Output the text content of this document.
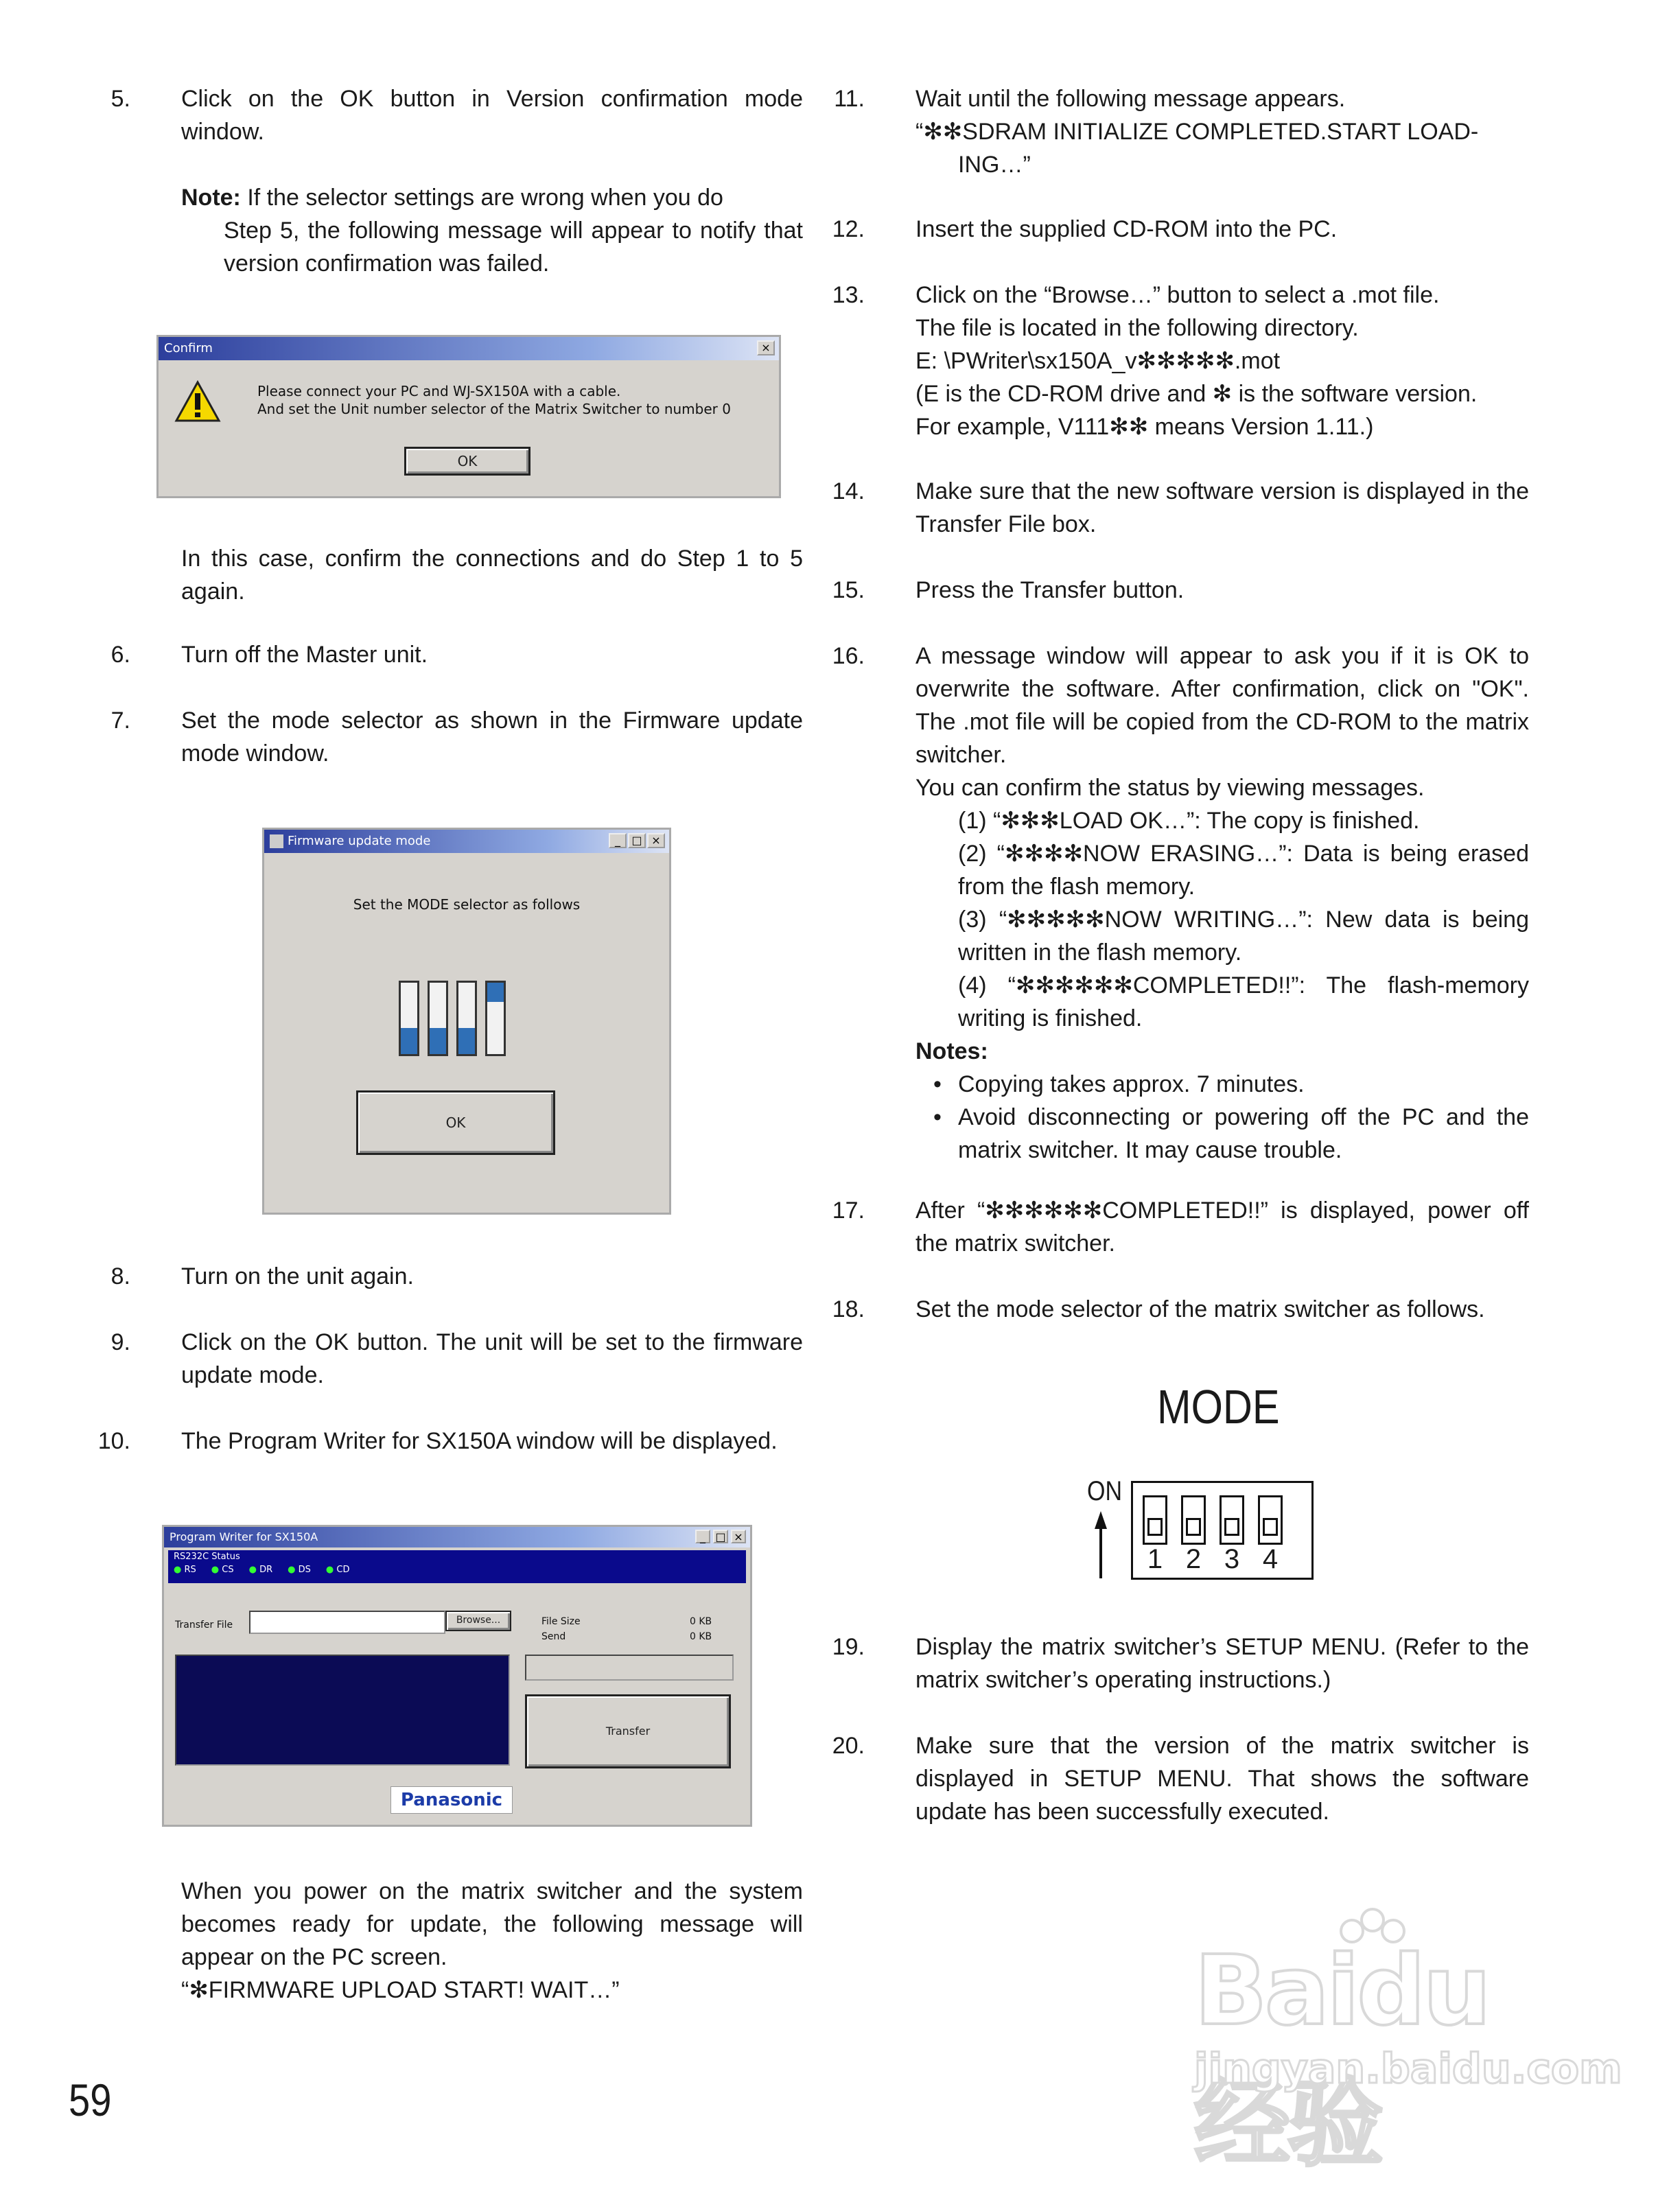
5.	Click on the OK button in Version confirmation mode window.

Note: If the selector settings are wrong when you do

Step 5, the following message will appear to notify that version confirmation was failed.

In this case, confirm the connections and do Step 1 to 5 again.

6.	Turn off the Master unit.

7.	Set the mode selector as shown in the Firmware update mode window.

8.	Turn on the unit again.

9.	Click on the OK button. The unit will be set to the firmware update mode.

10.	The Program Writer for SX150A window will be displayed.

When you power on the matrix switcher and the system becomes ready for update, the following message will appear on the PC screen.

“✻FIRMWARE UPLOAD START! WAIT…”

Confirm	×
Please connect your PC and WJ-SX150A with a cable.
And set the Unit number selector of the Matrix Switcher to number 0
OK
Firmware update mode	_	□ ×
Set the MODE selector as follows
OK
Program Writer for SX150A	_ □ ×
RS232C Status
● RS ● CS ● DR ● DS ● CD
Transfer File	Browse...	File Size	0 KB
Send	0 KB
Transfer
Panasonic
11.	Wait until the following message appears.

“✻✻SDRAM INITIALIZE COMPLETED.START LOAD-

ING…”

12.	Insert the supplied CD-ROM into the PC.

13.	Click on the “Browse…” button to select a .mot file.

The file is located in the following directory.

E: \PWriter\sx150A_v✻✻✻✻✻.mot

(E is the CD-ROM drive and ✻ is the software version.

For example, V111✻✻ means Version 1.11.)

14.	Make sure that the new software version is displayed in the Transfer File box.

15.	Press the Transfer button.

16.	A message window will appear to ask you if it is OK to overwrite the software. After confirmation, click on "OK". The .mot file will be copied from the CD-ROM to the matrix switcher.

You can confirm the status by viewing messages.

(1) “✻✻✻LOAD OK…”: The copy is finished.

(2) “✻✻✻✻NOW ERASING…”: Data is being erased from the flash memory.

(3) “✻✻✻✻✻NOW WRITING…”: New data is being written in the flash memory.

(4) “✻✻✻✻✻✻COMPLETED!!”: The flash-memory writing is finished.

Notes:

• Copying takes approx. 7 minutes.

• Avoid disconnecting or powering off the PC and the matrix switcher. It may cause trouble.

17.	After “✻✻✻✻✻✻COMPLETED!!” is displayed, power off the matrix switcher.

18.	Set the mode selector of the matrix switcher as follows.

19.	Display the matrix switcher’s SETUP MENU. (Refer to the matrix switcher’s operating instructions.)

20.	Make sure that the version of the matrix switcher is displayed in SETUP MENU. That shows the software update has been successfully executed.

MODE
ON
1 2 3 4
Baidu经验
jingyan.baidu.com
59
